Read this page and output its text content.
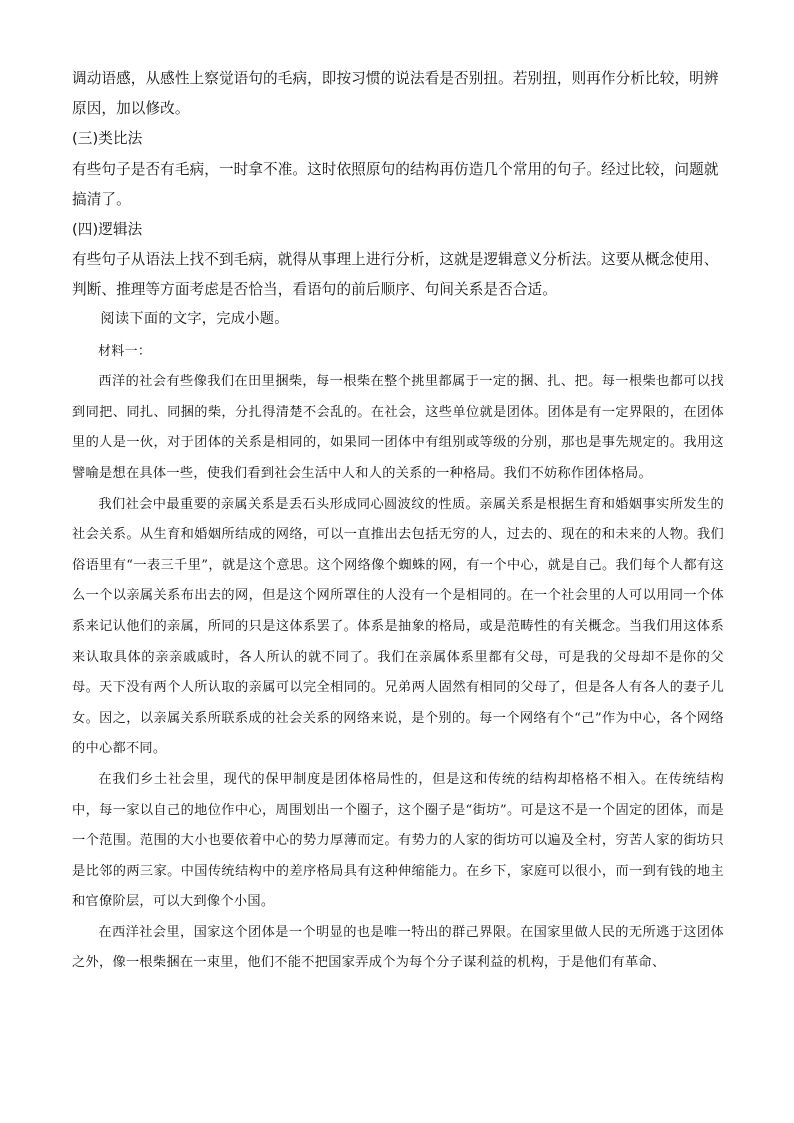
调动语感，从感性上察觉语句的毛病，即按习惯的说法看是否别扭。若别扭，则再作分析比较，明辨原因，加以修改。

(三)类比法

有些句子是否有毛病，一时拿不准。这时依照原句的结构再仿造几个常用的句子。经过比较，问题就搞清了。

(四)逻辑法

有些句子从语法上找不到毛病，就得从事理上进行分析，这就是逻辑意义分析法。这要从概念使用、判断、推理等方面考虑是否恰当，看语句的前后顺序、句间关系是否合适。

阅读下面的文字，完成小题。

材料一：

西洋的社会有些像我们在田里捆柴，每一根柴在整个挑里都属于一定的捆、扎、把。每一根柴也都可以找到同把、同扎、同捆的柴，分扎得清楚不会乱的。在社会，这些单位就是团体。团体是有一定界限的，在团体里的人是一伙，对于团体的关系是相同的，如果同一团体中有组别或等级的分别，那也是事先规定的。我用这譬喻是想在具体一些，使我们看到社会生活中人和人的关系的一种格局。我们不妨称作团体格局。

我们社会中最重要的亲属关系是丢石头形成同心圆波纹的性质。亲属关系是根据生育和婚姻事实所发生的社会关系。从生育和婚姻所结成的网络，可以一直推出去包括无穷的人，过去的、现在的和未来的人物。我们俗语里有“一表三千里”，就是这个意思。这个网络像个蜘蛛的网，有一个中心，就是自己。我们每个人都有这么一个以亲属关系布出去的网，但是这个网所罩住的人没有一个是相同的。在一个社会里的人可以用同一个体系来记认他们的亲属，所同的只是这体系罢了。体系是抽象的格局，或是范畴性的有关概念。当我们用这体系来认取具体的亲亲戚戚时，各人所认的就不同了。我们在亲属体系里都有父母，可是我的父母却不是你的父母。天下没有两个人所认取的亲属可以完全相同的。兄弟两人固然有相同的父母了，但是各人有各人的妻子儿女。因之，以亲属关系所联系成的社会关系的网络来说，是个别的。每一个网络有个“己”作为中心，各个网络的中心都不同。

在我们乡土社会里，现代的保甲制度是团体格局性的，但是这和传统的结构却格格不相入。在传统结构中，每一家以自己的地位作中心，周围划出一个圈子，这个圈子是“街坊”。可是这不是一个固定的团体，而是一个范围。范围的大小也要依着中心的势力厚薄而定。有势力的人家的街坊可以遍及全村，穷苦人家的街坊只是比邻的两三家。中国传统结构中的差序格局具有这种伸缩能力。在乡下，家庭可以很小，而一到有钱的地主和官僚阶层，可以大到像个小国。

在西洋社会里，国家这个团体是一个明显的也是唯一特出的群己界限。在国家里做人民的无所逃于这团体之外，像一根柴捆在一束里，他们不能不把国家弄成个为每个分子谋利益的机构，于是他们有革命、
